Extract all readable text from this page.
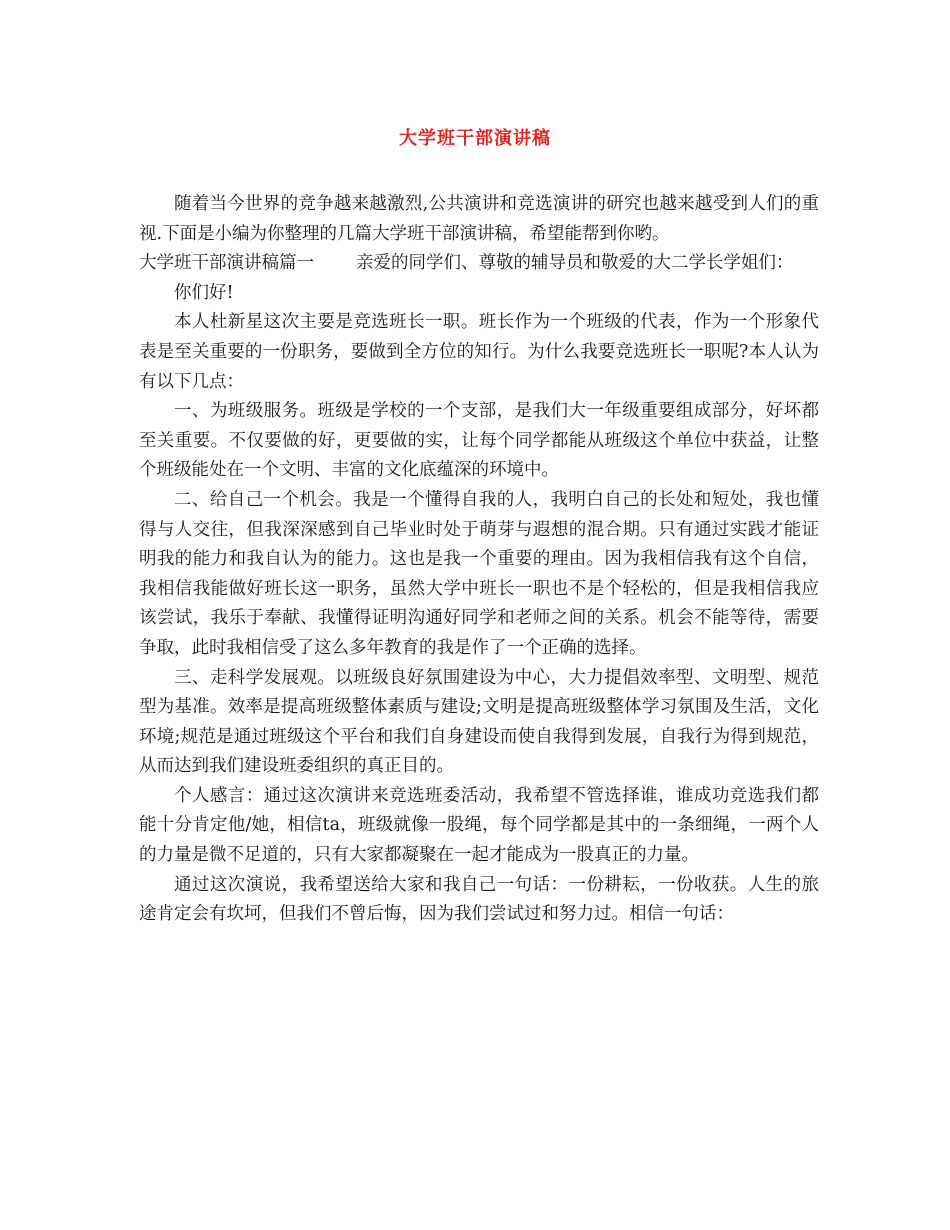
大学班干部演讲稿

随着当今世界的竞争越来越激烈,公共演讲和竞选演讲的研究也越来越受到人们的重视.下面是小编为你整理的几篇大学班干部演讲稿，希望能帮到你哟。

大学班干部演讲稿篇一 亲爱的同学们、尊敬的辅导员和敬爱的大二学长学姐们：

你们好!

本人杜新星这次主要是竞选班长一职。班长作为一个班级的代表，作为一个形象代表是至关重要的一份职务，要做到全方位的知行。为什么我要竞选班长一职呢?本人认为有以下几点：

一、为班级服务。班级是学校的一个支部，是我们大一年级重要组成部分，好坏都至关重要。不仅要做的好，更要做的实，让每个同学都能从班级这个单位中获益，让整个班级能处在一个文明、丰富的文化底蕴深的环境中。

二、给自己一个机会。我是一个懂得自我的人，我明白自己的长处和短处，我也懂得与人交往，但我深深感到自己毕业时处于萌芽与遐想的混合期。只有通过实践才能证明我的能力和我自认为的能力。这也是我一个重要的理由。因为我相信我有这个自信，我相信我能做好班长这一职务，虽然大学中班长一职也不是个轻松的，但是我相信我应该尝试，我乐于奉献、我懂得证明沟通好同学和老师之间的关系。机会不能等待，需要争取，此时我相信受了这么多年教育的我是作了一个正确的选择。

三、走科学发展观。以班级良好氛围建设为中心，大力提倡效率型、文明型、规范型为基准。效率是提高班级整体素质与建设;文明是提高班级整体学习氛围及生活，文化环境;规范是通过班级这个平台和我们自身建设而使自我得到发展，自我行为得到规范，从而达到我们建设班委组织的真正目的。

个人感言：通过这次演讲来竞选班委活动，我希望不管选择谁，谁成功竞选我们都能十分肯定他/她，相信ta，班级就像一股绳，每个同学都是其中的一条细绳，一两个人的力量是微不足道的，只有大家都凝聚在一起才能成为一股真正的力量。

通过这次演说，我希望送给大家和我自己一句话：一份耕耘，一份收获。人生的旅途肯定会有坎坷，但我们不曾后悔，因为我们尝试过和努力过。相信一句话：
